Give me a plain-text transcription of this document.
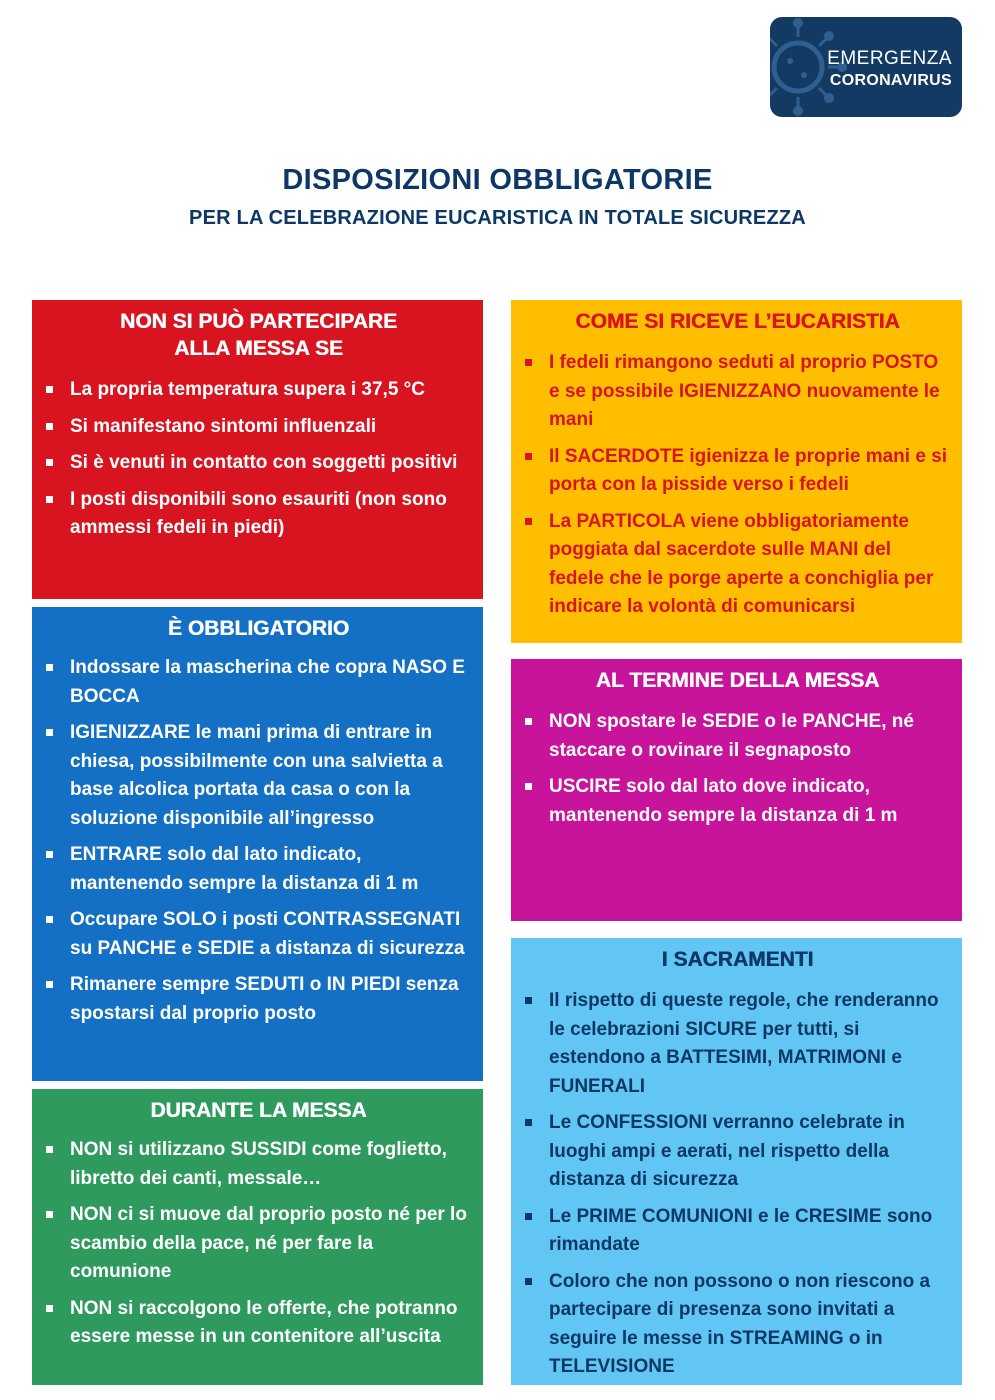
EMERGENZA
CORONAVIRUS
DISPOSIZIONI OBBLIGATORIE
PER LA CELEBRAZIONE EUCARISTICA IN TOTALE SICUREZZA
NON SI PUÒ PARTECIPARE
ALLA MESSA SE
La propria temperatura supera i 37,5 °C
Si manifestano sintomi influenzali
Si è venuti in contatto con soggetti positivi
I posti disponibili sono esauriti (non sono ammessi fedeli in piedi)
È OBBLIGATORIO
Indossare la mascherina che copra NASO E BOCCA
IGIENIZZARE le mani prima di entrare in chiesa, possibilmente con una salvietta a base alcolica portata da casa o con la soluzione disponibile all’ingresso
ENTRARE solo dal lato indicato, mantenendo sempre la distanza di 1 m
Occupare SOLO i posti CONTRASSEGNATI su PANCHE e SEDIE a distanza di sicurezza
Rimanere sempre SEDUTI o IN PIEDI senza spostarsi dal proprio posto
DURANTE LA MESSA
NON si utilizzano SUSSIDI come foglietto, libretto dei canti, messale…
NON ci si muove dal proprio posto né per lo scambio della pace, né per fare la comunione
NON si raccolgono le offerte, che potranno essere messe in un contenitore all’uscita
COME SI RICEVE L’EUCARISTIA
I fedeli rimangono seduti al proprio POSTO e se possibile IGIENIZZANO nuovamente le mani
Il SACERDOTE igienizza le proprie mani e si porta con la pisside verso i fedeli
La PARTICOLA viene obbligatoriamente poggiata dal sacerdote sulle MANI del fedele che le porge aperte a conchiglia per indicare la volontà di comunicarsi
AL TERMINE DELLA MESSA
NON spostare le SEDIE o le PANCHE, né staccare o rovinare il segnaposto
USCIRE solo dal lato dove indicato, mantenendo sempre la distanza di 1 m
I SACRAMENTI
Il rispetto di queste regole, che renderanno le celebrazioni SICURE per tutti, si estendono a BATTESIMI, MATRIMONI e FUNERALI
Le CONFESSIONI verranno celebrate in luoghi ampi e aerati, nel rispetto della distanza di sicurezza
Le PRIME COMUNIONI e le CRESIME sono rimandate
Coloro che non possono o non riescono a partecipare di presenza sono invitati a seguire le messe in STREAMING o in TELEVISIONE
